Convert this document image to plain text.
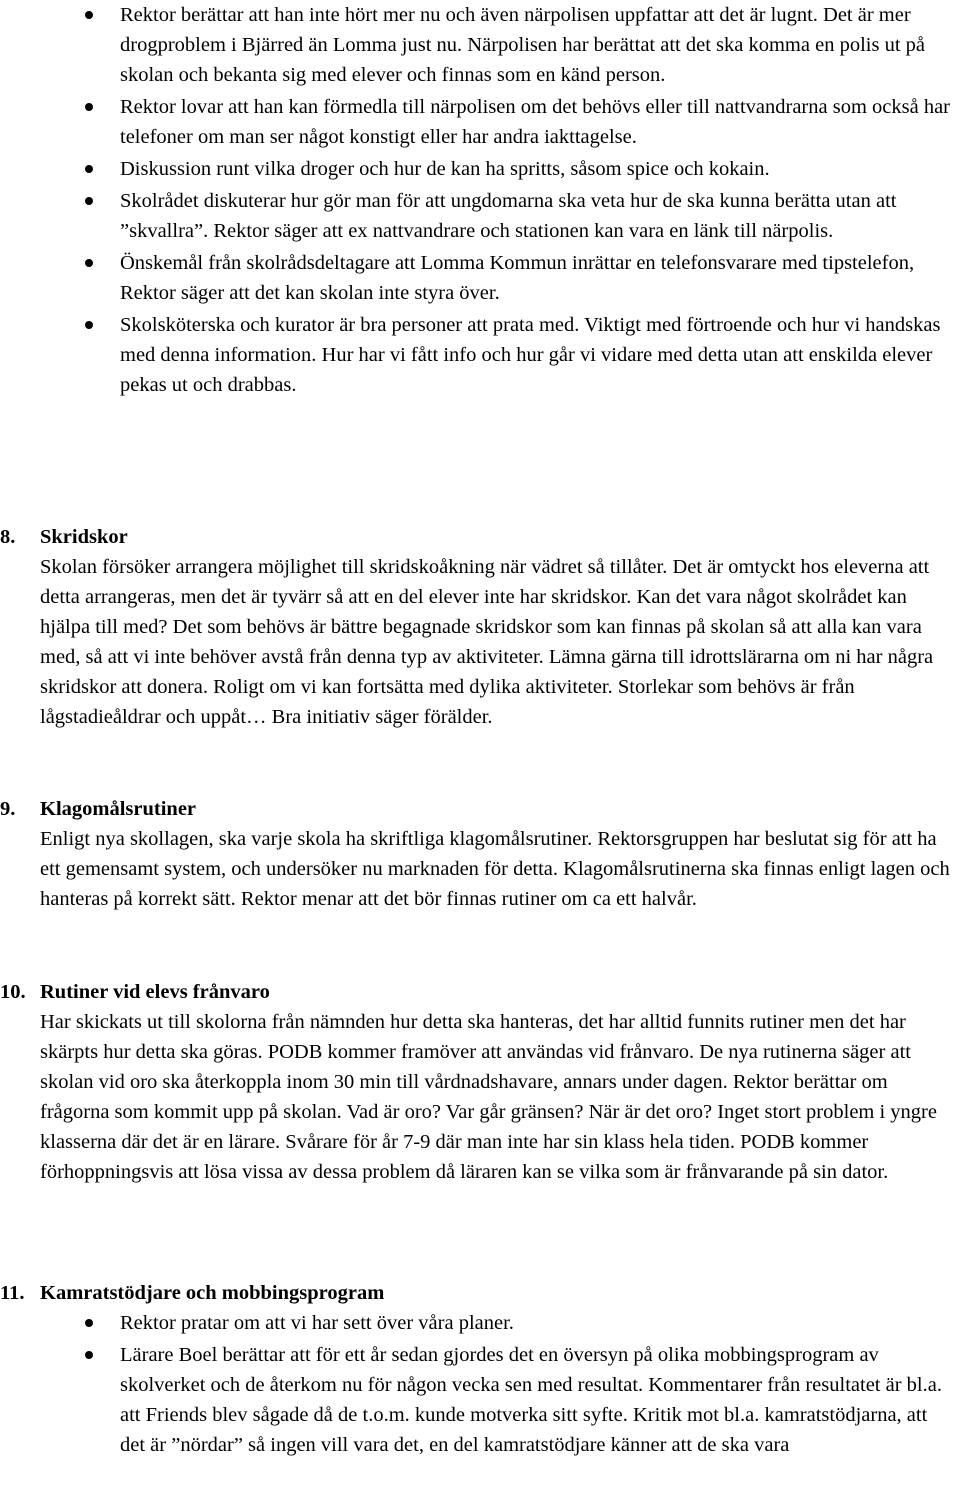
Rektor berättar att han inte hört mer nu och även närpolisen uppfattar att det är lugnt. Det är mer drogproblem i Bjärred än Lomma just nu. Närpolisen har berättat att det ska komma en polis ut på skolan och bekanta sig med elever och finnas som en känd person.
Rektor lovar att han kan förmedla till närpolisen om det behövs eller till nattvandrarna som också har telefoner om man ser något konstigt eller har andra iakttagelse.
Diskussion runt vilka droger och hur de kan ha spritts, såsom spice och kokain.
Skolrådet diskuterar hur gör man för att ungdomarna ska veta hur de ska kunna berätta utan att ”skvallra”. Rektor säger att ex nattvandrare och stationen kan vara en länk till närpolis.
Önskemål från skolrådsdeltagare att Lomma Kommun inrättar en telefonsvarare med tipstelefon, Rektor säger att det kan skolan inte styra över.
Skolsköterska och kurator är bra personer att prata med. Viktigt med förtroende och hur vi handskas med denna information. Hur har vi fått info och hur går vi vidare med detta utan att enskilda elever pekas ut och drabbas.
8. Skridskor

Skolan försöker arrangera möjlighet till skridskoåkning när vädret så tillåter. Det är omtyckt hos eleverna att detta arrangeras, men det är tyvärr så att en del elever inte har skridskor. Kan det vara något skolrådet kan hjälpa till med? Det som behövs är bättre begagnade skridskor som kan finnas på skolan så att alla kan vara med, så att vi inte behöver avstå från denna typ av aktiviteter. Lämna gärna till idrottslärarna om ni har några skridskor att donera. Roligt om vi kan fortsätta med dylika aktiviteter. Storlekar som behövs är från lågstadieåldrar och uppåt… Bra initiativ säger förälder.

9. Klagomålsrutiner

Enligt nya skollagen, ska varje skola ha skriftliga klagomålsrutiner. Rektorsgruppen har beslutat sig för att ha ett gemensamt system, och undersöker nu marknaden för detta. Klagomålsrutinerna ska finnas enligt lagen och hanteras på korrekt sätt. Rektor menar att det bör finnas rutiner om ca ett halvår.

10. Rutiner vid elevs frånvaro

Har skickats ut till skolorna från nämnden hur detta ska hanteras, det har alltid funnits rutiner men det har skärpts hur detta ska göras. PODB kommer framöver att användas vid frånvaro. De nya rutinerna säger att skolan vid oro ska återkoppla inom 30 min till vårdnadshavare, annars under dagen. Rektor berättar om frågorna som kommit upp på skolan. Vad är oro? Var går gränsen? När är det oro? Inget stort problem i yngre klasserna där det är en lärare. Svårare för år 7-9 där man inte har sin klass hela tiden. PODB kommer förhoppningsvis att lösa vissa av dessa problem då läraren kan se vilka som är frånvarande på sin dator.

11. Kamratstödjare och mobbingsprogram
Rektor pratar om att vi har sett över våra planer.
Lärare Boel berättar att för ett år sedan gjordes det en översyn på olika mobbingsprogram av skolverket och de återkom nu för någon vecka sen med resultat. Kommentarer från resultatet är bl.a. att Friends blev sågade då de t.o.m. kunde motverka sitt syfte. Kritik mot bl.a. kamratstödjarna, att det är ”nördar” så ingen vill vara det, en del kamratstödjare känner att de ska vara
